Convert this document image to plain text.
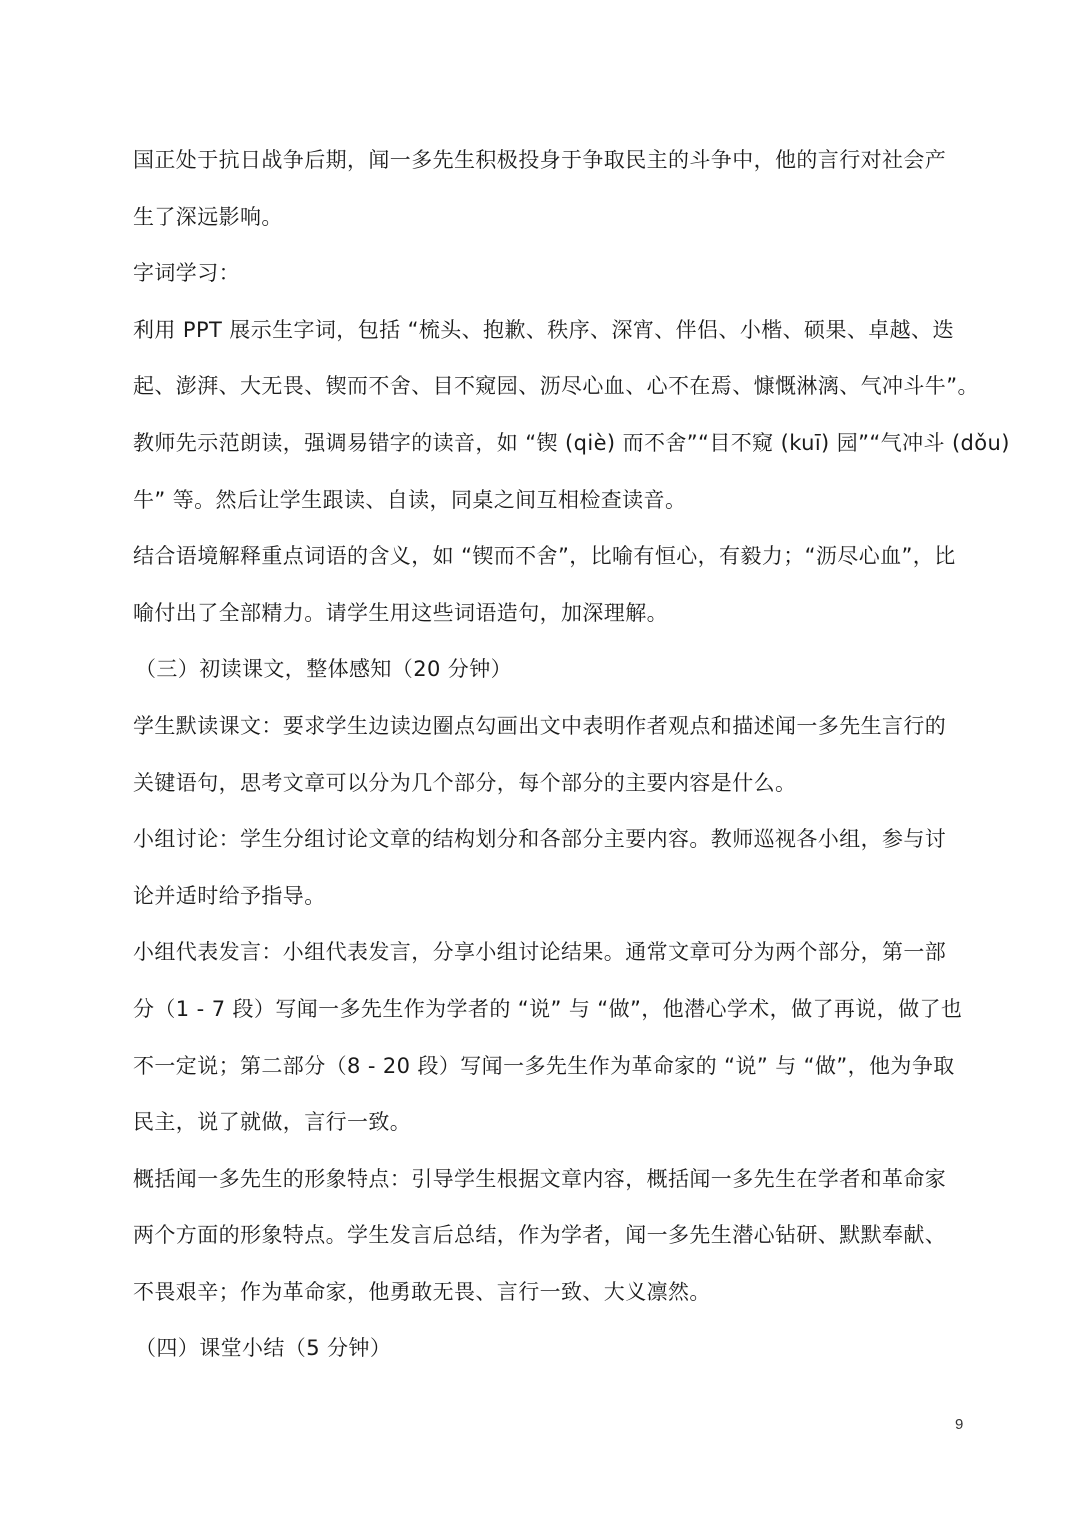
国正处于抗日战争后期，闻一多先生积极投身于争取民主的斗争中，他的言行对社会产
生了深远影响。
字词学习：
利用 PPT 展示生字词，包括 “梳头、抱歉、秩序、深宵、伴侣、小楷、硕果、卓越、迭
起、澎湃、大无畏、锲而不舍、目不窥园、沥尽心血、心不在焉、慷慨淋漓、气冲斗牛”。
教师先示范朗读，强调易错字的读音，如 “锲 (qiè) 而不舍”“目不窥 (kuī) 园”“气冲斗 (dǒu)
牛” 等。然后让学生跟读、自读，同桌之间互相检查读音。
结合语境解释重点词语的含义，如 “锲而不舍”，比喻有恒心，有毅力；“沥尽心血”，比
喻付出了全部精力。请学生用这些词语造句，加深理解。
（三）初读课文，整体感知（20 分钟）
学生默读课文：要求学生边读边圈点勾画出文中表明作者观点和描述闻一多先生言行的
关键语句，思考文章可以分为几个部分，每个部分的主要内容是什么。
小组讨论：学生分组讨论文章的结构划分和各部分主要内容。教师巡视各小组，参与讨
论并适时给予指导。
小组代表发言：小组代表发言，分享小组讨论结果。通常文章可分为两个部分，第一部
分（1 - 7 段）写闻一多先生作为学者的 “说” 与 “做”，他潜心学术，做了再说，做了也
不一定说；第二部分（8 - 20 段）写闻一多先生作为革命家的 “说” 与 “做”，他为争取
民主，说了就做，言行一致。
概括闻一多先生的形象特点：引导学生根据文章内容，概括闻一多先生在学者和革命家
两个方面的形象特点。学生发言后总结，作为学者，闻一多先生潜心钻研、默默奉献、
不畏艰辛；作为革命家，他勇敢无畏、言行一致、大义凛然。
（四）课堂小结（5 分钟）
9
